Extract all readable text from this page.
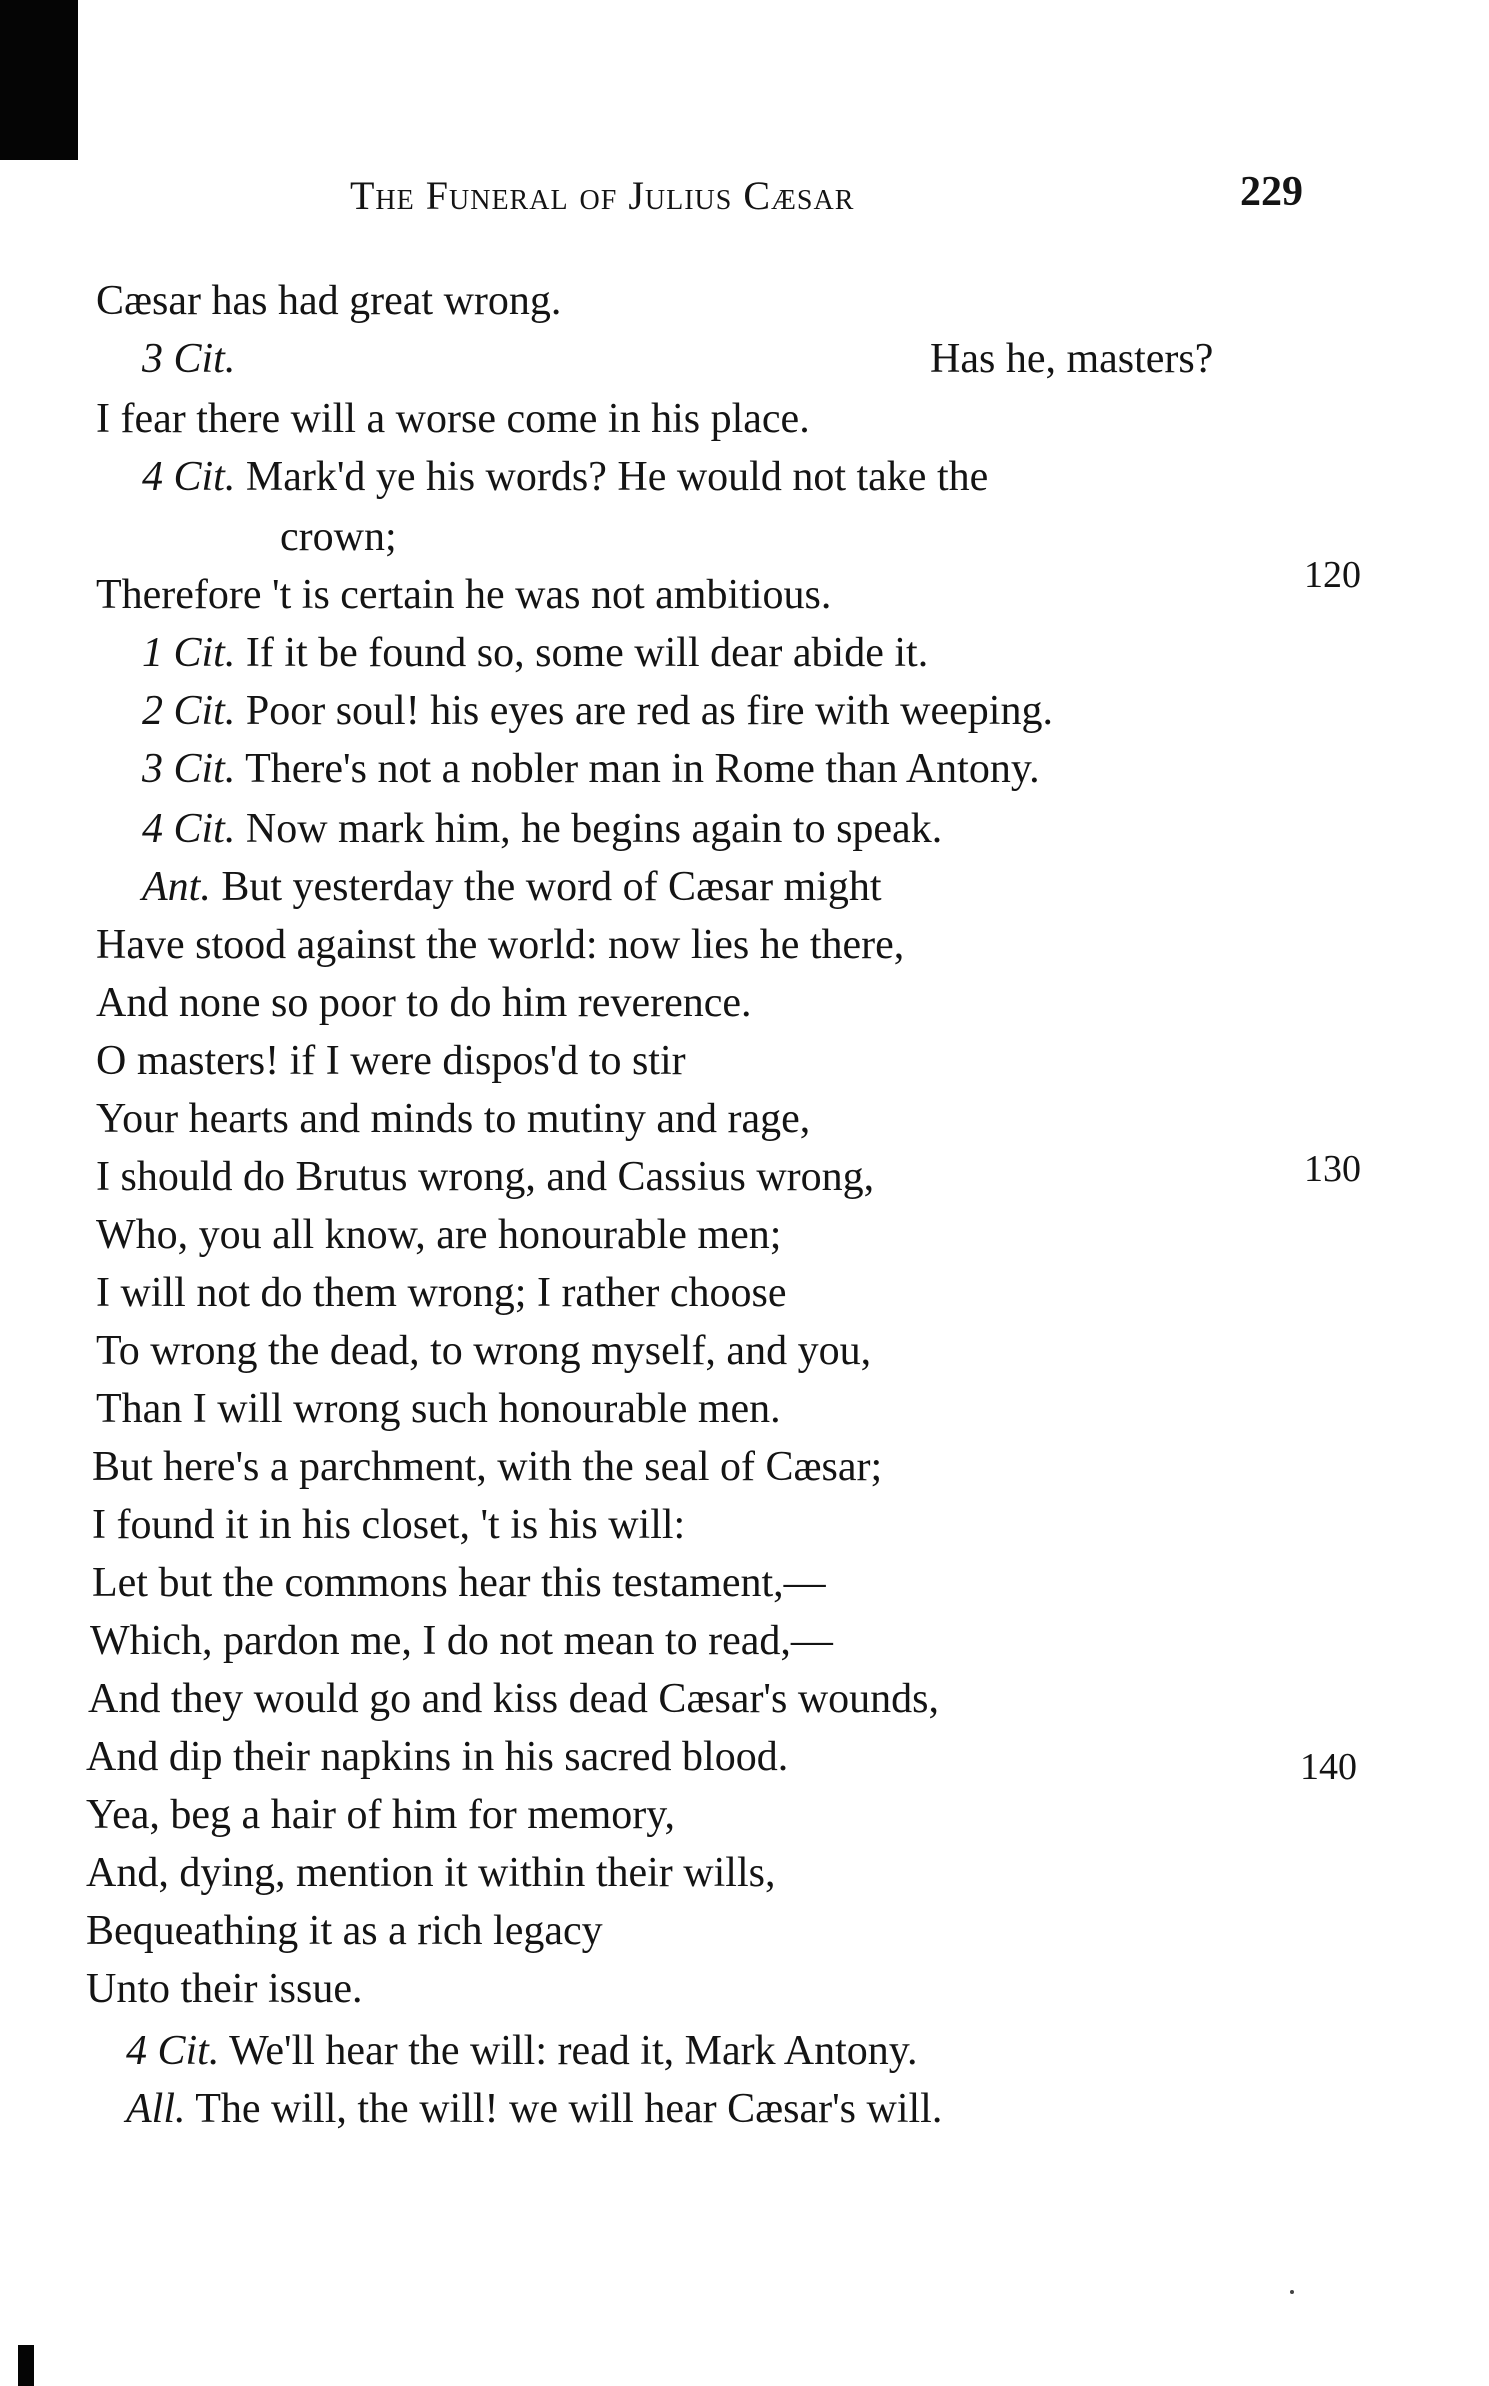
The Funeral of Julius Cæsar	229
Cæsar has had great wrong.
3 Cit.	Has he, masters?
I fear there will a worse come in his place.
4 Cit. Mark'd ye his words? He would not take the
crown;
120
Therefore 't is certain he was not ambitious.
1 Cit. If it be found so, some will dear abide it.
2 Cit. Poor soul! his eyes are red as fire with weeping.
3 Cit. There's not a nobler man in Rome than Antony.
4 Cit. Now mark him, he begins again to speak.
Ant. But yesterday the word of Cæsar might
Have stood against the world: now lies he there,
And none so poor to do him reverence.
O masters! if I were dispos'd to stir
Your hearts and minds to mutiny and rage,
I should do Brutus wrong, and Cassius wrong,	130
Who, you all know, are honourable men;
I will not do them wrong; I rather choose
To wrong the dead, to wrong myself, and you,
Than I will wrong such honourable men.
But here's a parchment, with the seal of Cæsar;
I found it in his closet, 't is his will:
Let but the commons hear this testament,—
Which, pardon me, I do not mean to read,—
And they would go and kiss dead Cæsar's wounds,
And dip their napkins in his sacred blood.	140
Yea, beg a hair of him for memory,
And, dying, mention it within their wills,
Bequeathing it as a rich legacy
Unto their issue.
4 Cit. We'll hear the will: read it, Mark Antony.
All. The will, the will! we will hear Cæsar's will.
